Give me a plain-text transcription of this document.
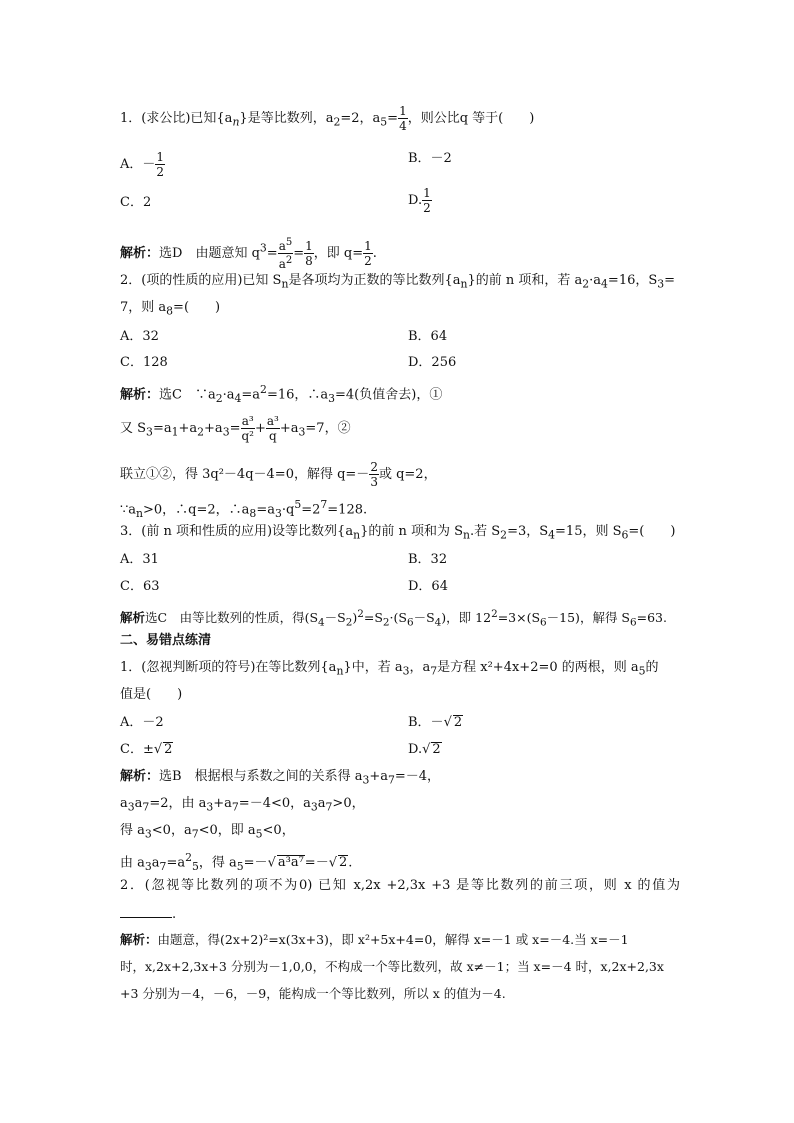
1．(求公比)已知$\{a_n\}$是等比数列，$a_2=2$，$a_5= \frac{1}{4}$ ，则公比q 等于(　　)
A．－ $\frac{1}{2}$	B．－2
C．2	D. $\frac{1}{2}$
解析：选D　由题意知 $q^3= \frac{a^5}{a^2} = \frac{1}{8}$ ，即 $q= \frac{1}{2}$ .
2．(项的性质的应用)已知 $S_n$是各项均为正数的等比数列$\{a_n\}$的前 n 项和，若 $a_2\cdot a_4=16$，$S_3=$
7，则 $a_8=$(　　)
A．32	B．64
C．128	D．256
解析：选C　$\because a_2\cdot a_4=a^2=16$，$\therefore a_3=4$(负值舍去)，①
又 $S_3=a_1+a_2+a_3= \frac{\text{a³}}{\text{q²}} + \frac{\text{a³}}{q} +a_3=7$，②
联立①②，得 3q²－4q－4=0，解得 $q=- \frac{2}{3}$ 或 q=2，
$\because a_n>0$，∴q=2，$\therefore a_8=a_3\cdot q^5=2^7=128$.
3．(前 n 项和性质的应用)设等比数列$\{a_n\}$的前 n 项和为 $S_n$.若 $S_2=3$，$S_4=15$，则 $S_6=$(　　)
A．31	B．32
C．63	D．64
解析选C　由等比数列的性质，得$(S_4-S_2)^2=S_2\cdot(S_6-S_4)$，即 $12^2=3\times(S_6-15)$，解得 $S_6=63$.
二、易错点练清
1．(忽视判断项的符号)在等比数列$\{a_n\}$中，若 $a_3$，$a_7$是方程 x²+4x+2=0 的两根，则 $a_5$的
值是(　　)
A．－2	B．－√ 2
C．±√ 2	D.√ 2
解析：选B　根据根与系数之间的关系得 $a_3+a_7=-4$，
$a_3a_7=2$，由 $a_3+a_7=-4<0$，$a_3a_7>0$，
得 $a_3<0$，$a_7<0$，即 $a_5<0$，
由 $a_3a_7=a^2_5$，得 $a_5=-√$ a³a⁷=－√ 2.
2．(忽视等比数列的项不为0) 已知 x,2x +2,3x +3 是等比数列的前三项，则 x 的值为
.
解析：由题意，得(2x+2)²=x(3x+3)，即 x²+5x+4=0，解得 x=－1 或 x=－4.当 x=－1
时，x,2x+2,3x+3 分别为－1,0,0，不构成一个等比数列，故 x≠－1；当 x=－4 时，x,2x+2,3x
+3 分别为－4，－6，－9，能构成一个等比数列，所以 x 的值为－4.
